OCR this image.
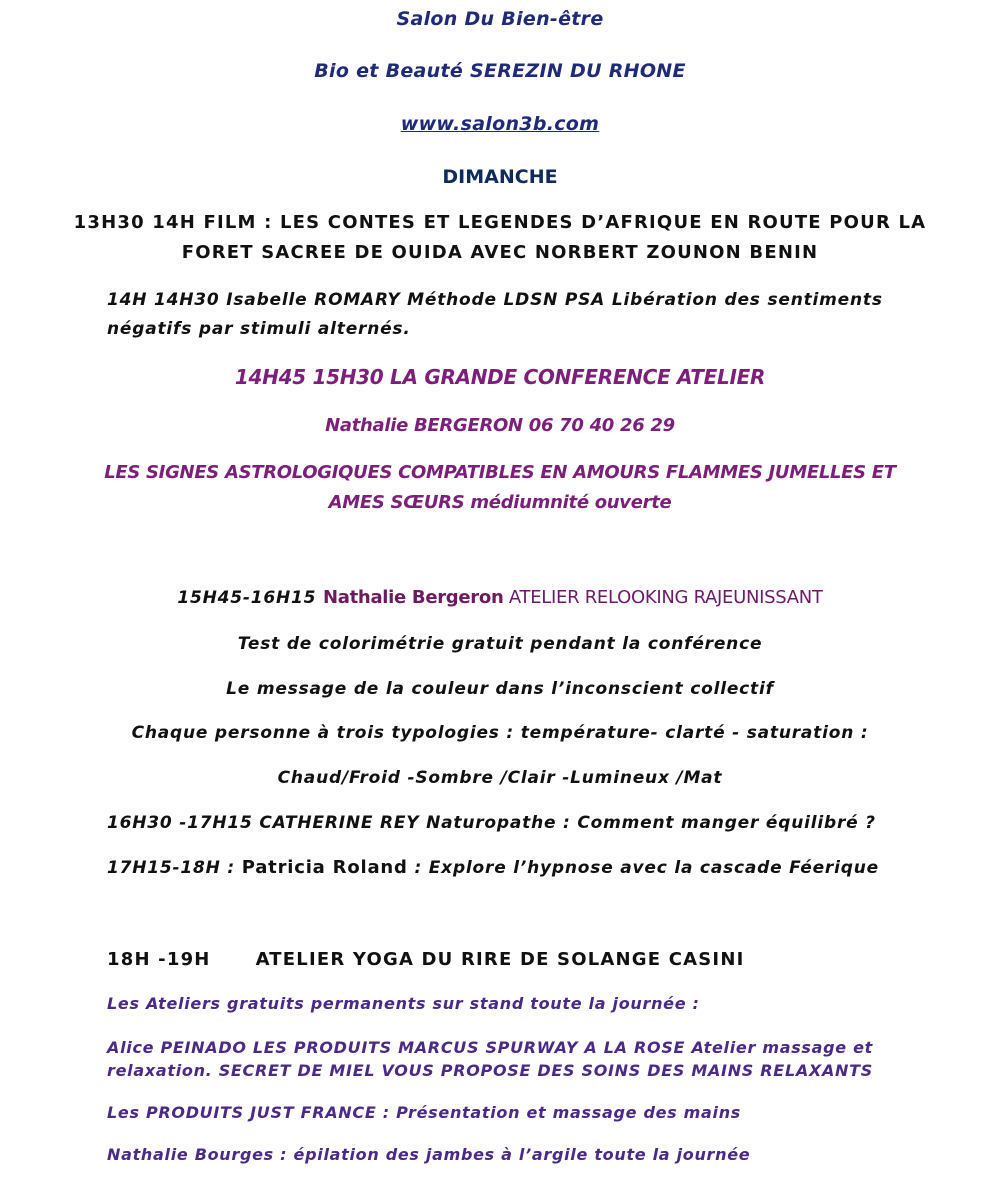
Salon Du Bien-être
Bio et Beauté SEREZIN DU RHONE
www.salon3b.com
DIMANCHE
13H30 14H FILM : LES CONTES ET LEGENDES D’AFRIQUE EN ROUTE POUR LA
FORET SACREE DE OUIDA AVEC NORBERT ZOUNON BENIN
14H 14H30 Isabelle ROMARY Méthode LDSN PSA Libération des sentiments
négatifs par stimuli alternés.
14H45 15H30 LA GRANDE CONFERENCE ATELIER
Nathalie BERGERON 06 70 40 26 29
LES SIGNES ASTROLOGIQUES COMPATIBLES EN AMOURS FLAMMES JUMELLES ET
AMES SŒURS médiumnité ouverte
15H45-16H15 Nathalie Bergeron ATELIER RELOOKING RAJEUNISSANT
Test de colorimétrie gratuit pendant la conférence
Le message de la couleur dans l’inconscient collectif
Chaque personne à trois typologies : température- clarté - saturation :
Chaud/Froid -Sombre /Clair -Lumineux /Mat
16H30 -17H15 CATHERINE REY Naturopathe : Comment manger équilibré ?
17H15-18H : Patricia Roland : Explore l’hypnose avec la cascade Féerique
18H -19H	ATELIER YOGA DU RIRE DE SOLANGE CASINI
Les Ateliers gratuits permanents sur stand toute la journée :
Alice PEINADO LES PRODUITS MARCUS SPURWAY A LA ROSE Atelier massage et
relaxation. SECRET DE MIEL VOUS PROPOSE DES SOINS DES MAINS RELAXANTS
Les PRODUITS JUST FRANCE : Présentation et massage des mains
Nathalie Bourges : épilation des jambes à l’argile toute la journée
